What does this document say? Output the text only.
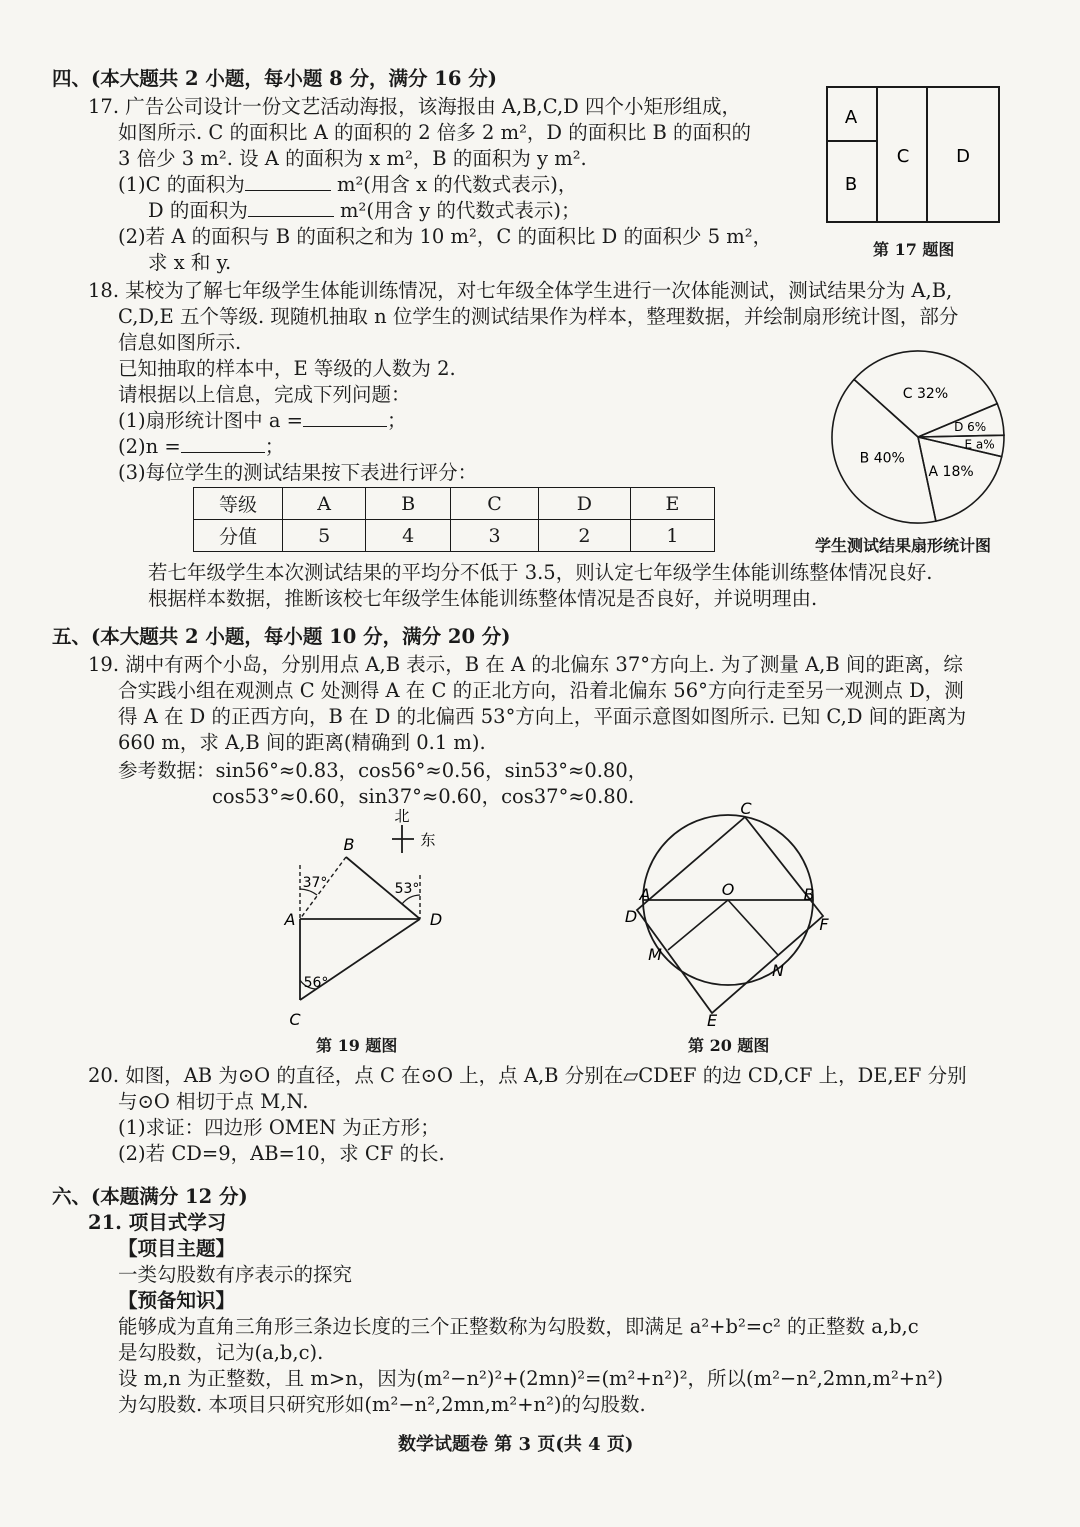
四、(本大题共 2 小题，每小题 8 分，满分 16 分)
17. 广告公司设计一份文艺活动海报，该海报由 A,B,C,D 四个小矩形组成，
如图所示. C 的面积比 A 的面积的 2 倍多 2 m²，D 的面积比 B 的面积的
3 倍少 3 m². 设 A 的面积为 x m²，B 的面积为 y m².
(1)C 的面积为	m²(用含 x 的代数式表示)，
D 的面积为	m²(用含 y 的代数式表示)；
(2)若 A 的面积与 B 的面积之和为 10 m²，C 的面积比 D 的面积少 5 m²，
求 x 和 y.
A
B
C	D
第 17 题图
18. 某校为了解七年级学生体能训练情况，对七年级全体学生进行一次体能测试，测试结果分为 A,B,
C,D,E 五个等级. 现随机抽取 n 位学生的测试结果作为样本，整理数据，并绘制扇形统计图，部分
信息如图所示.
已知抽取的样本中，E 等级的人数为 2.
请根据以上信息，完成下列问题：
(1)扇形统计图中 a =	；
(2)n =	；
(3)每位学生的测试结果按下表进行评分：
等级	A	B	C	D	E
分值	5	4	3	2	1
若七年级学生本次测试结果的平均分不低于 3.5，则认定七年级学生体能训练整体情况良好.
根据样本数据，推断该校七年级学生体能训练整体情况是否良好，并说明理由.
C 32%
D 6%
E a%
A 18%
B 40%
学生测试结果扇形统计图
五、(本大题共 2 小题，每小题 10 分，满分 20 分)
19. 湖中有两个小岛，分别用点 A,B 表示，B 在 A 的北偏东 37°方向上. 为了测量 A,B 间的距离，综
合实践小组在观测点 C 处测得 A 在 C 的正北方向，沿着北偏东 56°方向行走至另一观测点 D，测
得 A 在 D 的正西方向，B 在 D 的北偏西 53°方向上，平面示意图如图所示. 已知 C,D 间的距离为
660 m，求 A,B 间的距离(精确到 0.1 m).
参考数据：sin56°≈0.83，cos56°≈0.56，sin53°≈0.80，
cos53°≈0.60，sin37°≈0.60，cos37°≈0.80.
北
东
37°	53°
56°
B
A	D
C
第 19 题图
C
A	O	B
D	F
M
N
E
第 20 题图
20. 如图，AB 为⊙O 的直径，点 C 在⊙O 上，点 A,B 分别在▱CDEF 的边 CD,CF 上，DE,EF 分别
与⊙O 相切于点 M,N.
(1)求证：四边形 OMEN 为正方形；
(2)若 CD=9，AB=10，求 CF 的长.
六、(本题满分 12 分)
21. 项目式学习
【项目主题】
一类勾股数有序表示的探究
【预备知识】
能够成为直角三角形三条边长度的三个正整数称为勾股数，即满足 a²+b²=c² 的正整数 a,b,c
是勾股数，记为(a,b,c).
设 m,n 为正整数，且 m>n，因为(m²−n²)²+(2mn)²=(m²+n²)²，所以(m²−n²,2mn,m²+n²)
为勾股数. 本项目只研究形如(m²−n²,2mn,m²+n²)的勾股数.
数学试题卷 第 3 页(共 4 页)
